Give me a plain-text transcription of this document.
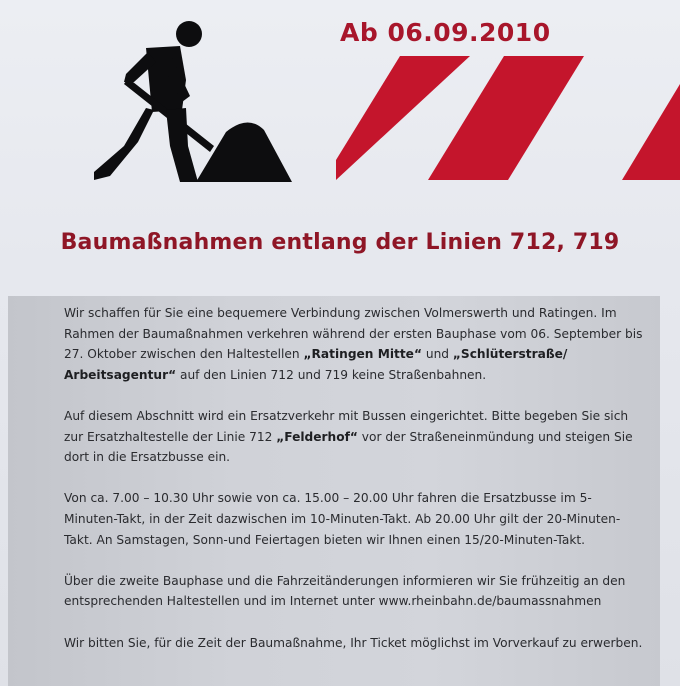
Ab 06.09.2010
Baumaßnahmen entlang der Linien 712, 719

Wir schaffen für Sie eine bequemere Verbindung zwischen Volmerswerth und Ratingen. Im Rahmen der Baumaßnahmen verkehren während der ersten Bauphase vom 06. September bis 27. Oktober zwischen den Haltestellen „Ratingen Mitte“ und „Schlüterstraße/ Arbeitsagentur“ auf den Linien 712 und 719 keine Straßenbahnen.

Auf diesem Abschnitt wird ein Ersatzverkehr mit Bussen eingerichtet. Bitte begeben Sie sich zur Ersatzhaltestelle der Linie 712 „Felderhof“ vor der Straßeneinmündung und steigen Sie dort in die Ersatzbusse ein.

Von ca. 7.00 – 10.30 Uhr sowie von ca. 15.00 – 20.00 Uhr fahren die Ersatzbusse im 5-Minuten-Takt, in der Zeit dazwischen im 10-Minuten-Takt. Ab 20.00 Uhr gilt der 20-Minuten-Takt. An Samstagen, Sonn-und Feiertagen bieten wir Ihnen einen 15/20-Minuten-Takt.

Über die zweite Bauphase und die Fahrzeitänderungen informieren wir Sie frühzeitig an den entsprechenden Haltestellen und im Internet unter www.rheinbahn.de/baumassnahmen

Wir bitten Sie, für die Zeit der Baumaßnahme, Ihr Ticket möglichst im Vorverkauf zu erwerben.
